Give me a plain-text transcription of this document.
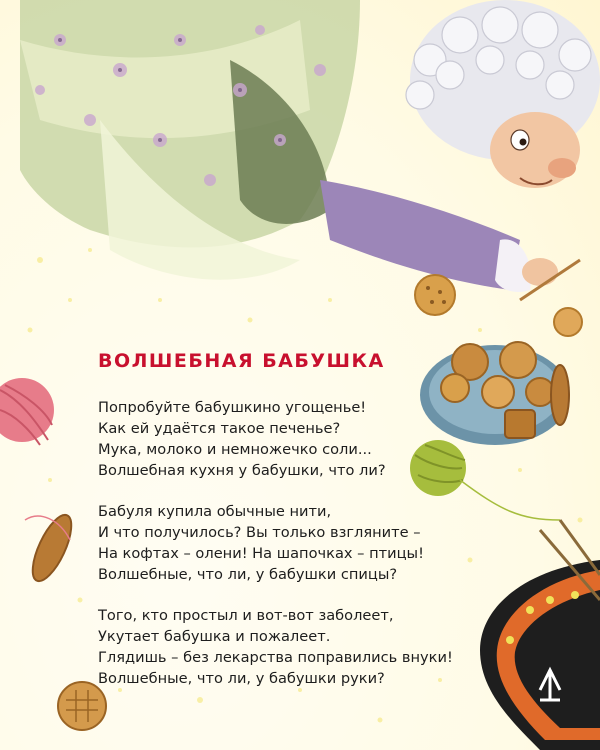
ВОЛШЕБНАЯ БАБУШКА
Попробуйте бабушкино угощенье!
Как ей удаётся такое печенье?
Мука, молоко и немножечко соли...
Волшебная кухня у бабушки, что ли?
Бабуля купила обычные нити,
И что получилось? Вы только взгляните –
На кофтах – олени! На шапочках – птицы!
Волшебные, что ли, у бабушки спицы?
Того, кто простыл и вот-вот заболеет,
Укутает бабушка и пожалеет.
Глядишь – без лекарства поправились внуки!
Волшебные, что ли, у бабушки руки?
